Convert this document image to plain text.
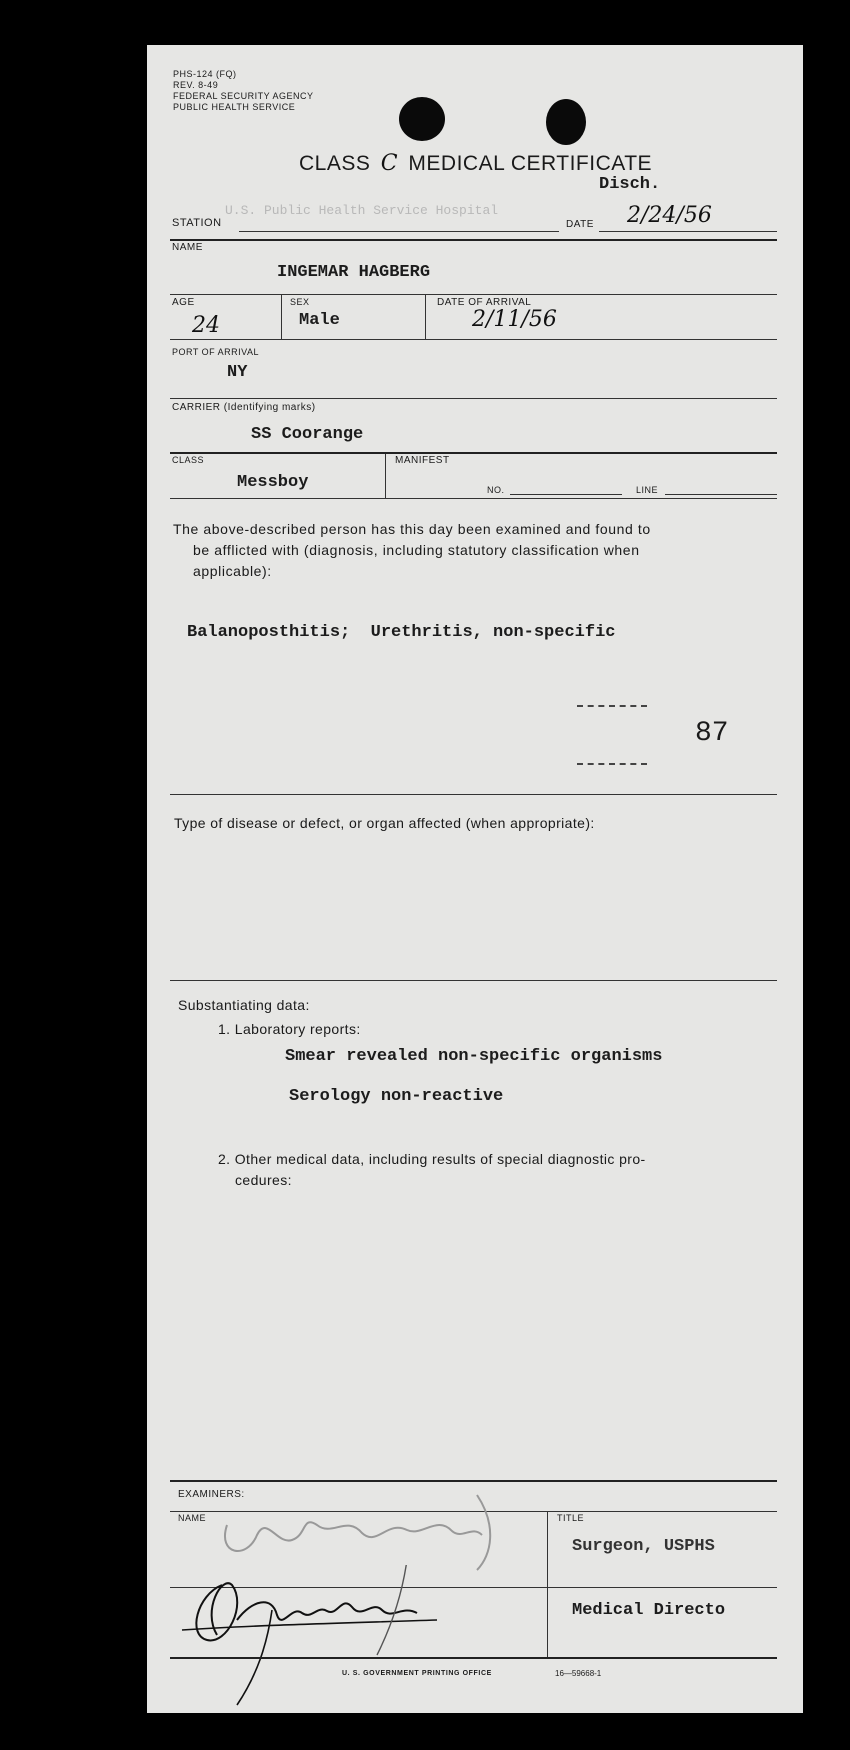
PHS-124 (FQ)
REV. 8-49
FEDERAL SECURITY AGENCY
PUBLIC HEALTH SERVICE
CLASS C MEDICAL CERTIFICATE
Disch.
U.S. Public Health Service Hospital
STATION	DATE 2/24/56
NAME
INGEMAR HAGBERG
AGE	SEX	DATE OF ARRIVAL
24	Male	2/11/56
PORT OF ARRIVAL
NY
CARRIER (Identifying marks)
SS Coorange
CLASS	MANIFEST
Messboy	NO.	LINE
The above-described person has this day been examined and found to
be afflicted with (diagnosis, including statutory classification when
applicable):
Balanoposthitis;  Urethritis, non-specific
87
Type of disease or defect, or organ affected (when appropriate):
Substantiating data:
1. Laboratory reports:
Smear revealed non-specific organisms
Serology non-reactive
2. Other medical data, including results of special diagnostic pro-
cedures:
EXAMINERS:
NAME	TITLE
Surgeon, USPHS
Medical Directo
U. S. GOVERNMENT PRINTING OFFICE	16—59668-1
